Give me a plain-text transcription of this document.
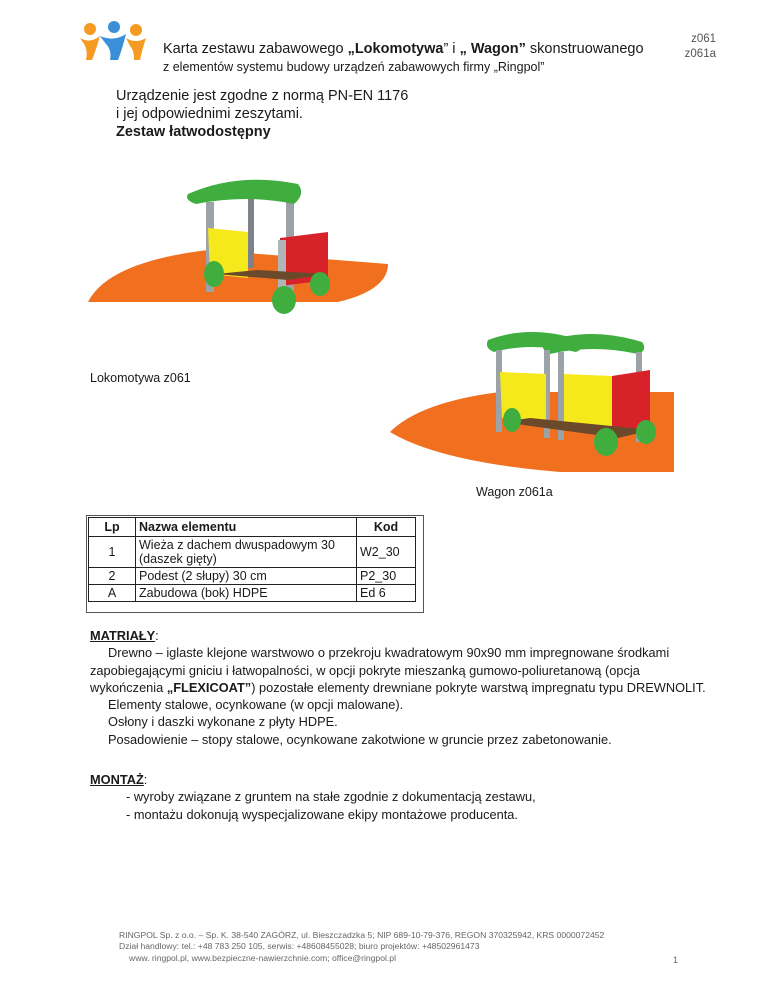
Karta zestawu zabawowego „Lokomotywa” i „ Wagon” skonstruowanego
z elementów systemu budowy urządzeń zabawowych firmy „Ringpol”
z061
z061a
Urządzenie jest zgodne z normą PN-EN 1176
i jej odpowiednimi zeszytami.
Zestaw łatwodostępny
Lokomotywa z061
Wagon z061a
Lp	Nazwa elementu	Kod
1	Wieża z dachem dwuspadowym 30 (daszek gięty)	W2_30
2	Podest (2 słupy) 30 cm	P2_30
A	Zabudowa (bok) HDPE	Ed 6

MATRIAŁY:

Drewno – iglaste klejone warstwowo o przekroju kwadratowym 90x90 mm impregnowane środkami zapobiegającymi gniciu i łatwopalności, w opcji pokryte mieszanką gumowo-poliuretanową (opcja wykończenia „FLEXICOAT”) pozostałe elementy drewniane pokryte warstwą impregnatu typu DREWNOLIT.

Elementy stalowe, ocynkowane (w opcji malowane).

Osłony i daszki wykonane z płyty HDPE.

Posadowienie – stopy stalowe, ocynkowane zakotwione w gruncie przez zabetonowanie.

MONTAŻ:

- wyroby związane z gruntem na stałe zgodnie z dokumentacją zestawu,

- montażu dokonują wyspecjalizowane ekipy montażowe producenta.

RINGPOL Sp. z o.o. – Sp. K. 38-540 ZAGÓRZ, ul. Bieszczadzka 5; NIP 689-10-79-376, REGON 370325942, KRS 0000072452
Dział handlowy: tel.: +48 783 250 105, serwis: +48608455028; biuro projektów: +48502961473
www. ringpol.pl, www.bezpieczne-nawierzchnie.com; office@ringpol.pl	1
